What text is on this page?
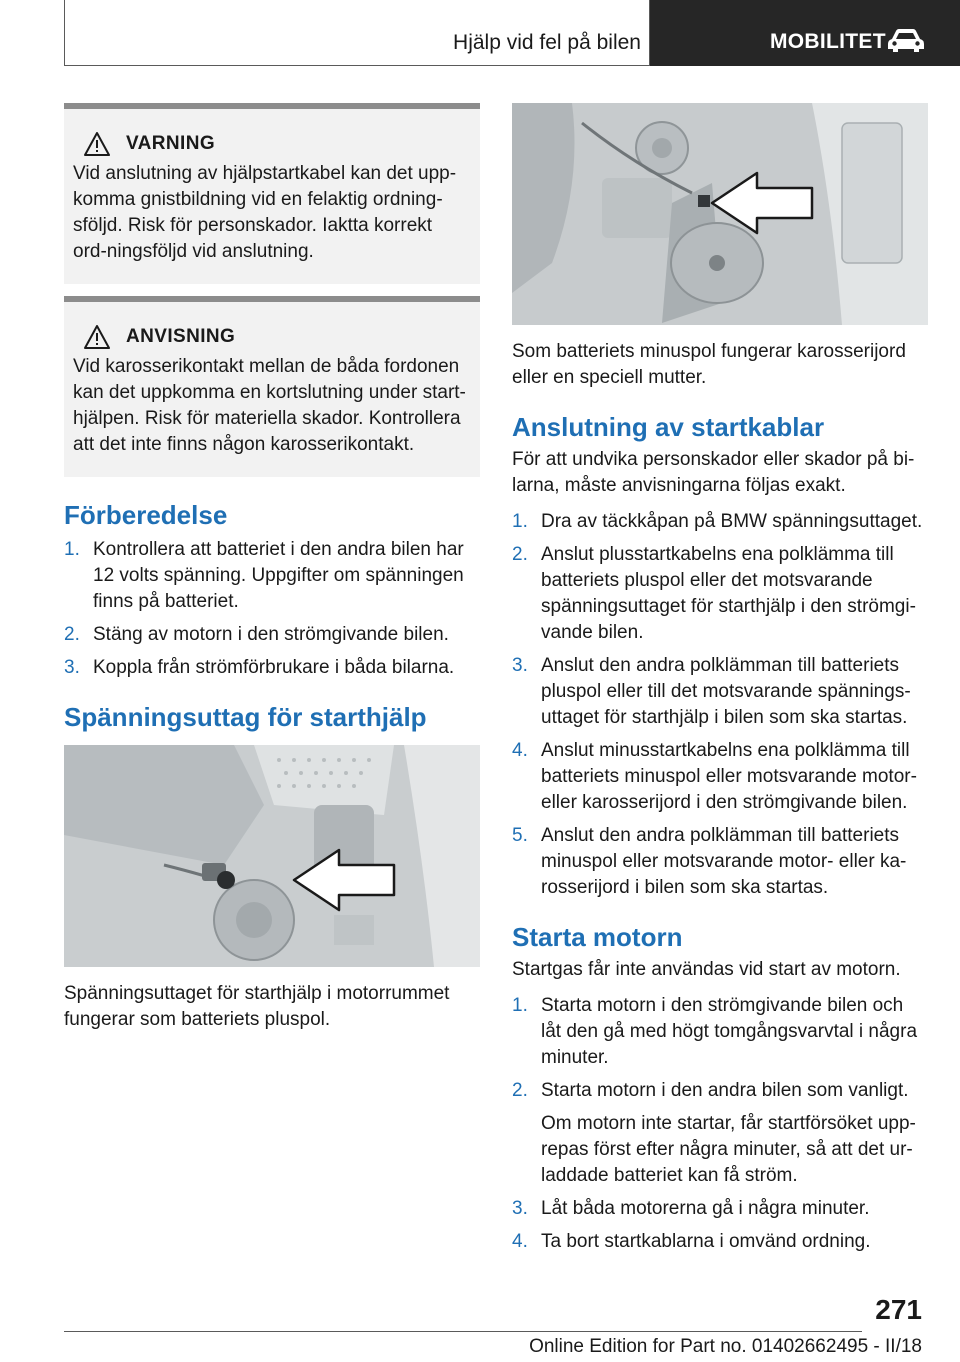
Hjälp vid fel på bilen	MOBILITET
VARNING
Vid anslutning av hjälpstartkabel kan det upp-komma gnistbildning vid en felaktig ordning-sföljd. Risk för personskador. Iaktta korrekt ord-ningsföljd vid anslutning.
ANVISNING
Vid karosserikontakt mellan de båda fordonen kan det uppkomma en kortslutning under start-hjälpen. Risk för materiella skador. Kontrollera att det inte finns någon karosserikontakt.
Förberedelse
1. Kontrollera att batteriet i den andra bilen har 12 volts spänning. Uppgifter om spänningen finns på batteriet.
2. Stäng av motorn i den strömgivande bilen.
3. Koppla från strömförbrukare i båda bilarna.
Spänningsuttag för starthjälp
Spänningsuttaget för starthjälp i motorrummet fungerar som batteriets pluspol.
Som batteriets minuspol fungerar karosserijord eller en speciell mutter.
Anslutning av startkablar
För att undvika personskador eller skador på bi-larna, måste anvisningarna följas exakt.
1. Dra av täckkåpan på BMW spänningsuttaget.
2. Anslut plusstartkabelns ena polklämma till batteriets pluspol eller det motsvarande spänningsuttaget för starthjälp i den strömgi-vande bilen.
3. Anslut den andra polklämman till batteriets pluspol eller till det motsvarande spännings-uttaget för starthjälp i bilen som ska startas.
4. Anslut minusstartkabelns ena polklämma till batteriets minuspol eller motsvarande motor-eller karosserijord i den strömgivande bilen.
5. Anslut den andra polklämman till batteriets minuspol eller motsvarande motor- eller ka-rosserijord i bilen som ska startas.
Starta motorn
Startgas får inte användas vid start av motorn.
1. Starta motorn i den strömgivande bilen och låt den gå med högt tomgångsvarvtal i några minuter.
2. Starta motorn i den andra bilen som vanligt.
Om motorn inte startar, får startförsöket upp-repas först efter några minuter, så att det ur-laddade batteriet kan få ström.
3. Låt båda motorerna gå i några minuter.
4. Ta bort startkablarna i omvänd ordning.
271
Online Edition for Part no. 01402662495 - II/18
